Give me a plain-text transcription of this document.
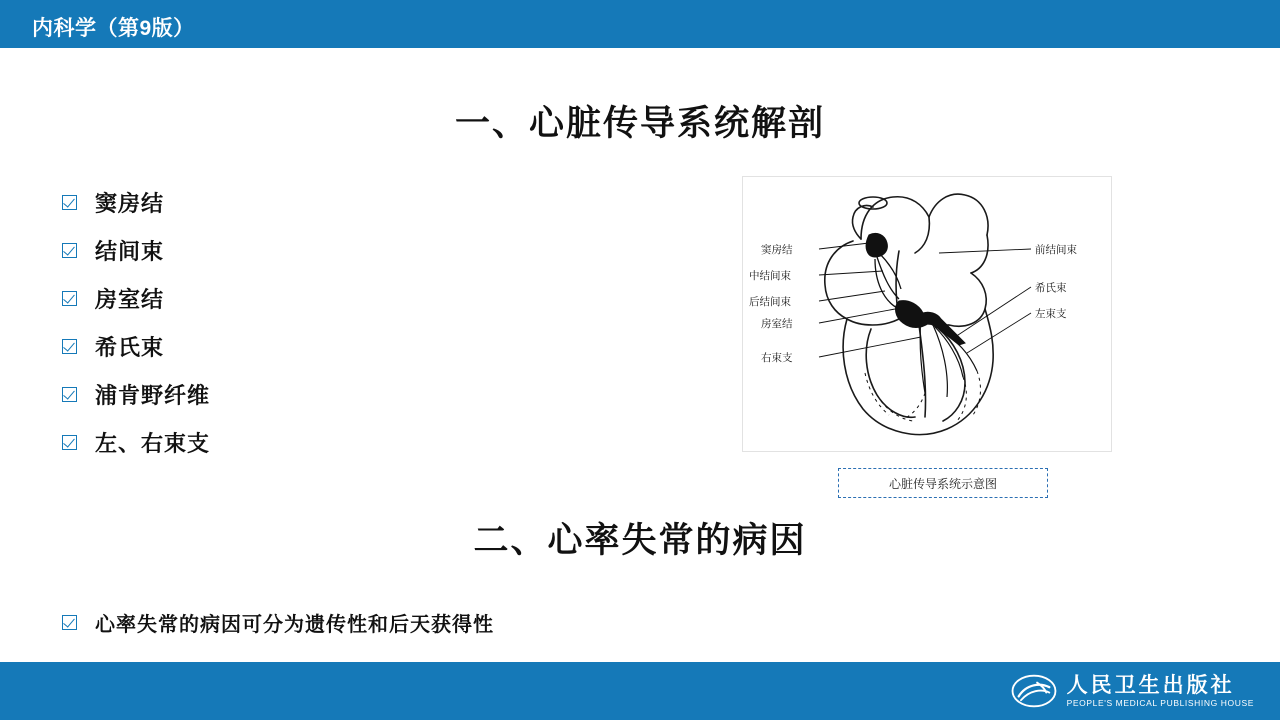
内科学（第9版）
一、心脏传导系统解剖
窦房结
结间束
房室结
希氏束
浦肯野纤维
左、右束支
窦房结
中结间束
后结间束
房室结
右束支
前结间束
希氏束
左束支
心脏传导系统示意图
二、心率失常的病因
心率失常的病因可分为遗传性和后天获得性
人民卫生出版社
PEOPLE'S MEDICAL PUBLISHING HOUSE
